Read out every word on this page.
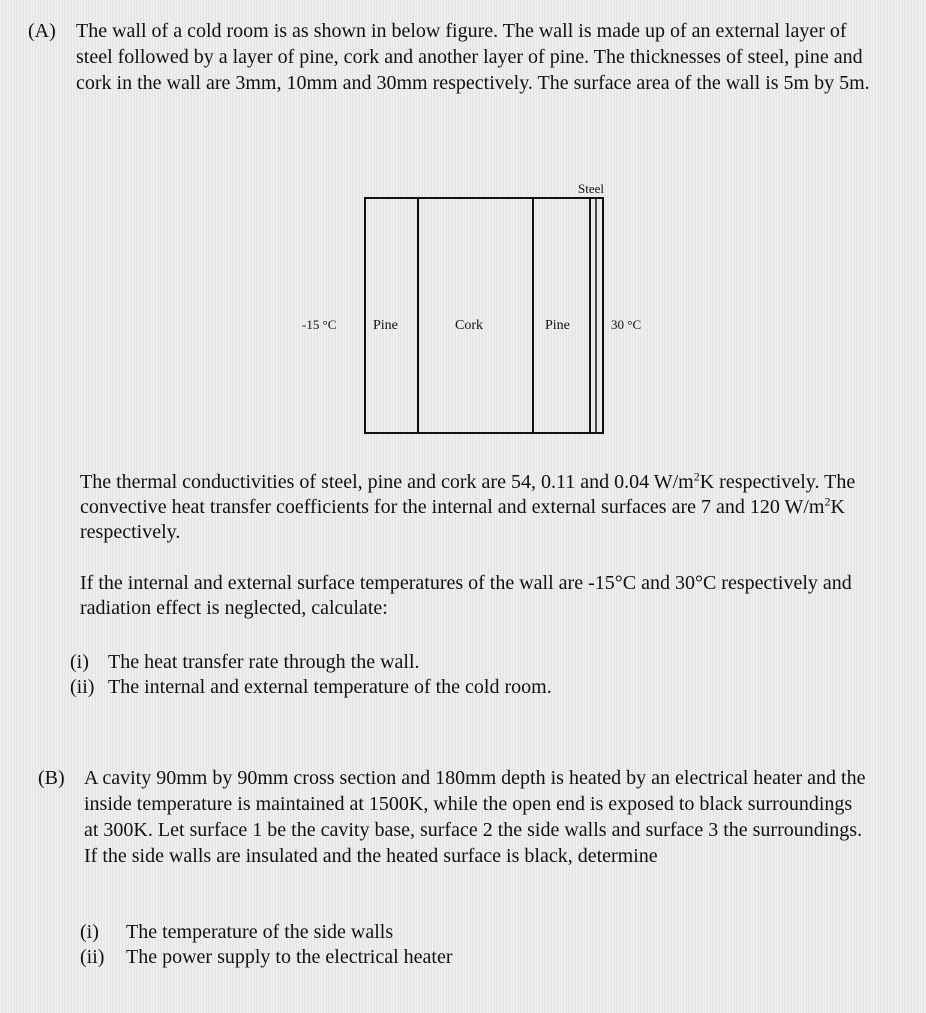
(A) The wall of a cold room is as shown in below figure. The wall is made up of an external layer of steel followed by a layer of pine, cork and another layer of pine. The thicknesses of steel, pine and cork in the wall are 3mm, 10mm and 30mm respectively. The surface area of the wall is 5m by 5m.
Steel
-15 °C	30 °C
Pine	Cork	Pine
The thermal conductivities of steel, pine and cork are 54, 0.11 and 0.04 $W/m^2K$ respectively. The convective heat transfer coefficients for the internal and external surfaces are 7 and 120 $W/m^2K$ respectively.
If the internal and external surface temperatures of the wall are -15°C and 30°C respectively and radiation effect is neglected, calculate:
(i) The heat transfer rate through the wall.
(ii) The internal and external temperature of the cold room.
(B) A cavity 90mm by 90mm cross section and 180mm depth is heated by an electrical heater and the inside temperature is maintained at 1500K, while the open end is exposed to black surroundings at 300K. Let surface 1 be the cavity base, surface 2 the side walls and surface 3 the surroundings. If the side walls are insulated and the heated surface is black, determine
(i)	The temperature of the side walls
(ii)	The power supply to the electrical heater
